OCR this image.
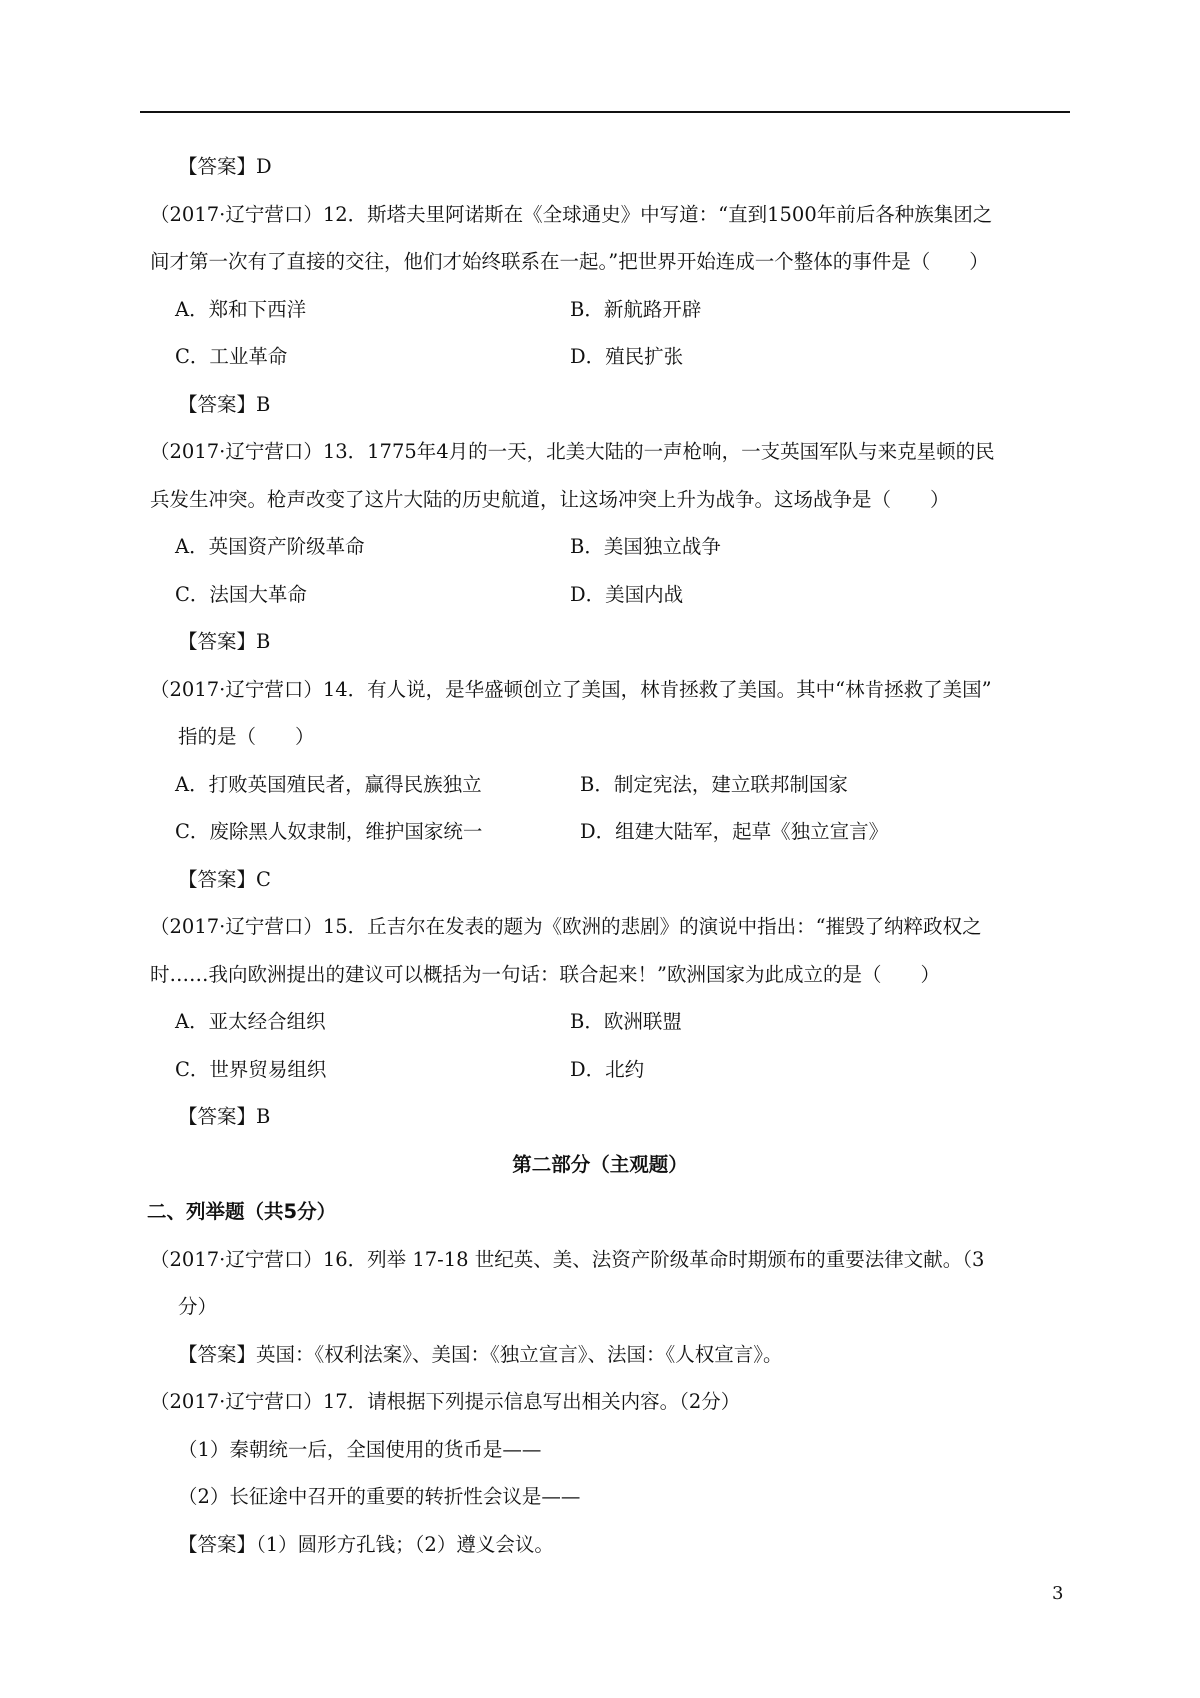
【答案】D
（2017·辽宁营口）12．斯塔夫里阿诺斯在《全球通史》中写道：“直到1500年前后各种族集团之
间才第一次有了直接的交往，他们才始终联系在一起。”把世界开始连成一个整体的事件是（　　）
A．郑和下西洋	B．新航路开辟
C．工业革命	D．殖民扩张
【答案】B
（2017·辽宁营口）13．1775年4月的一天，北美大陆的一声枪响，一支英国军队与来克星顿的民
兵发生冲突。枪声改变了这片大陆的历史航道，让这场冲突上升为战争。这场战争是（　　）
A．英国资产阶级革命	B．美国独立战争
C．法国大革命	D．美国内战
【答案】B
（2017·辽宁营口）14．有人说，是华盛顿创立了美国，林肯拯救了美国。其中“林肯拯救了美国”
指的是（　　）
A．打败英国殖民者，赢得民族独立	B．制定宪法，建立联邦制国家
C．废除黑人奴隶制，维护国家统一	D．组建大陆军，起草《独立宣言》
【答案】C
（2017·辽宁营口）15．丘吉尔在发表的题为《欧洲的悲剧》的演说中指出：“摧毁了纳粹政权之
时……我向欧洲提出的建议可以概括为一句话：联合起来！”欧洲国家为此成立的是（　　）
A．亚太经合组织	B．欧洲联盟
C．世界贸易组织	D．北约
【答案】B
第二部分（主观题）
二、列举题（共5分）
（2017·辽宁营口）16．列举 17-18 世纪英、美、法资产阶级革命时期颁布的重要法律文献。（3
分）
【答案】英国：《权利法案》、美国：《独立宣言》、法国：《人权宣言》。
（2017·辽宁营口）17．请根据下列提示信息写出相关内容。（2分）
（1）秦朝统一后，全国使用的货币是——
（2）长征途中召开的重要的转折性会议是——
【答案】（1）圆形方孔钱；（2）遵义会议。
3
